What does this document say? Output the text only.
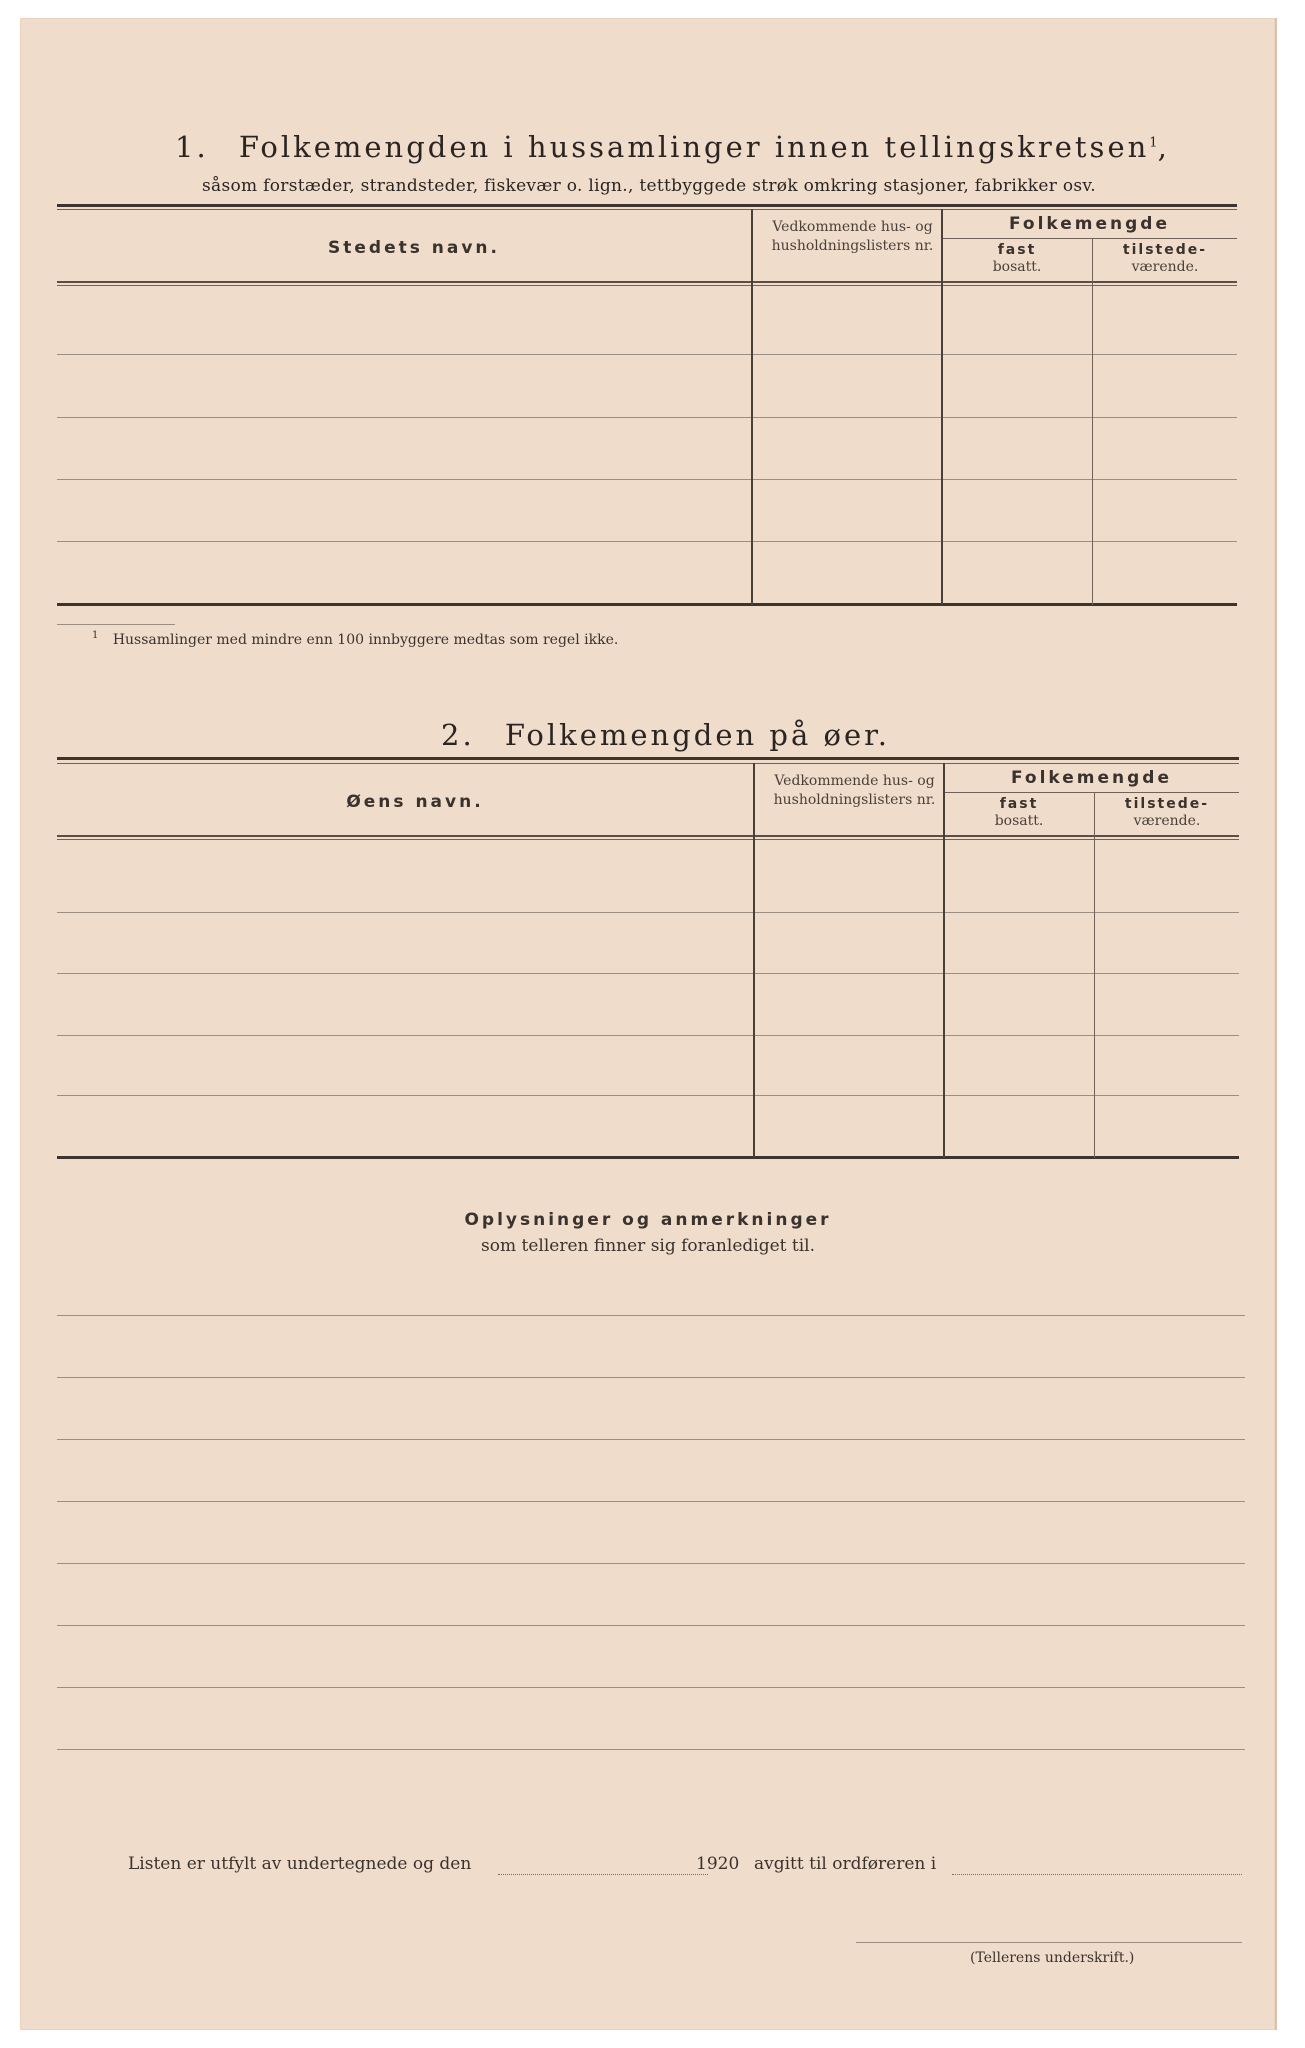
1. Folkemengden i hussamlinger innen tellingskretsen$^1$,
såsom forstæder, strandsteder, fiskevær o. lign., tettbyggede strøk omkring stasjoner, fabrikker osv.
Stedets navn.
Vedkommende hus- og husholdningslisters nr.
Folkemengde
fast
bosatt.
tilstede-
værende.
$^1$ Hussamlinger med mindre enn 100 innbyggere medtas som regel ikke.
2. Folkemengden på øer.
Øens navn.
Vedkommende hus- og husholdningslisters nr.
Folkemengde
fast
bosatt.
tilstede-
værende.
Oplysninger og anmerkninger
som telleren finner sig foranlediget til.
Listen er utfylt av undertegnede og den	1920 avgitt til ordføreren i
(Tellerens underskrift.)
